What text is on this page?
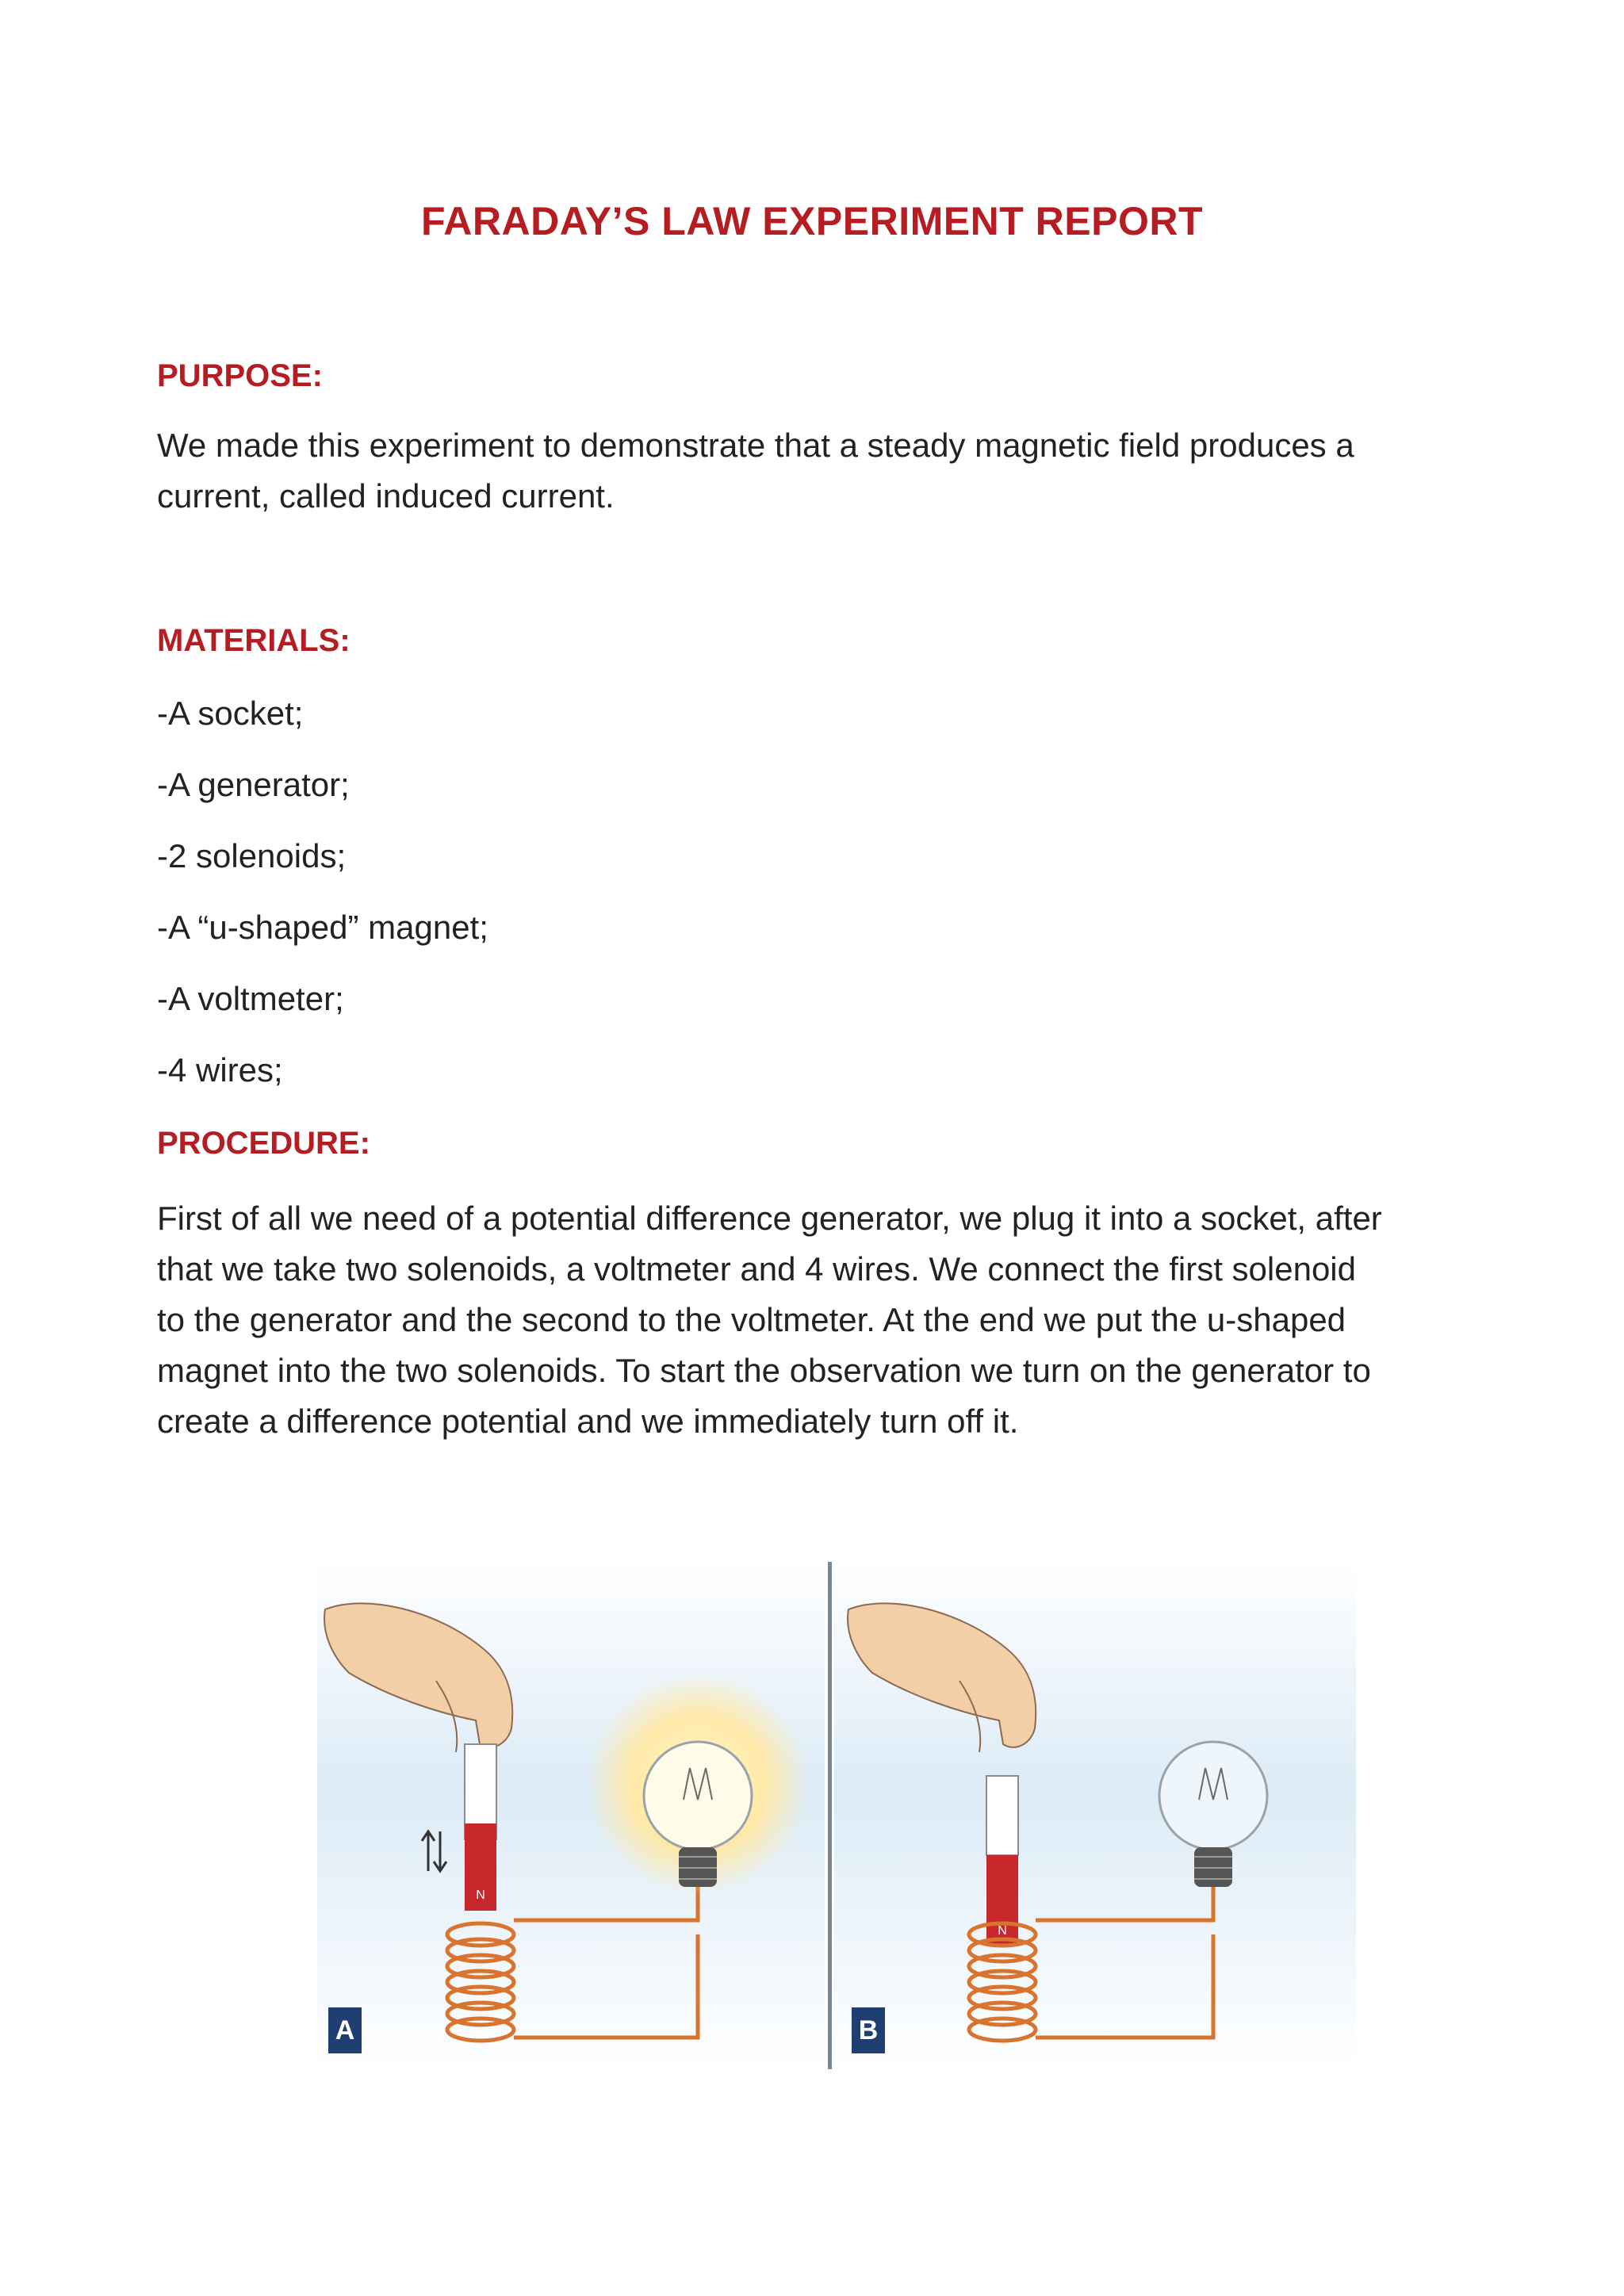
FARADAY’S LAW EXPERIMENT REPORT
PURPOSE:
We made this experiment to demonstrate that a steady magnetic field produces a
current, called induced current.
MATERIALS:
-A socket;
-A generator;
-2 solenoids;
-A “u-shaped” magnet;
-A voltmeter;
-4 wires;
PROCEDURE:
First of all we need of a potential difference generator, we plug it into a socket, after
that we take two solenoids, a voltmeter and 4 wires. We connect the first solenoid
to the generator and the second to the voltmeter. At the end we put the u-shaped
magnet into the two solenoids. To start the observation we turn on the generator to
create a difference potential and we immediately turn off it.
N
N
A	B
